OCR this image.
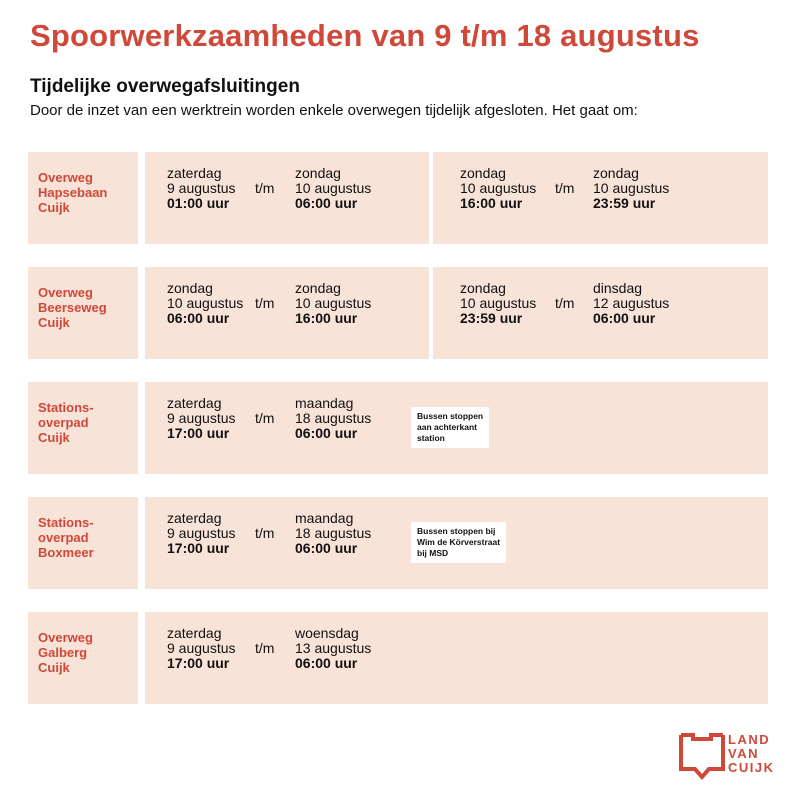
Spoorwerkzaamheden van 9 t/m 18 augustus
Tijdelijke overwegafsluitingen

Door de inzet van een werktrein worden enkele overwegen tijdelijk afgesloten. Het gaat om:

Overweg
Hapsebaan
Cuijk
zaterdag
9 augustus
01:00 uur
t/m
zondag
10 augustus
06:00 uur
zondag
10 augustus
16:00 uur
t/m
zondag
10 augustus
23:59 uur
Overweg
Beerseweg
Cuijk
zondag
10 augustus
06:00 uur
t/m
zondag
10 augustus
16:00 uur
zondag
10 augustus
23:59 uur
t/m
dinsdag
12 augustus
06:00 uur
Stations-
overpad
Cuijk
zaterdag
9 augustus
17:00 uur
t/m
maandag
18 augustus
06:00 uur
Bussen stoppen
aan achterkant
station
Stations-
overpad
Boxmeer
zaterdag
9 augustus
17:00 uur
t/m
maandag
18 augustus
06:00 uur
Bussen stoppen bij
Wim de Körverstraat
bij MSD
Overweg
Galberg
Cuijk
zaterdag
9 augustus
17:00 uur
t/m
woensdag
13 augustus
06:00 uur
LAND
VAN
CUIJK
